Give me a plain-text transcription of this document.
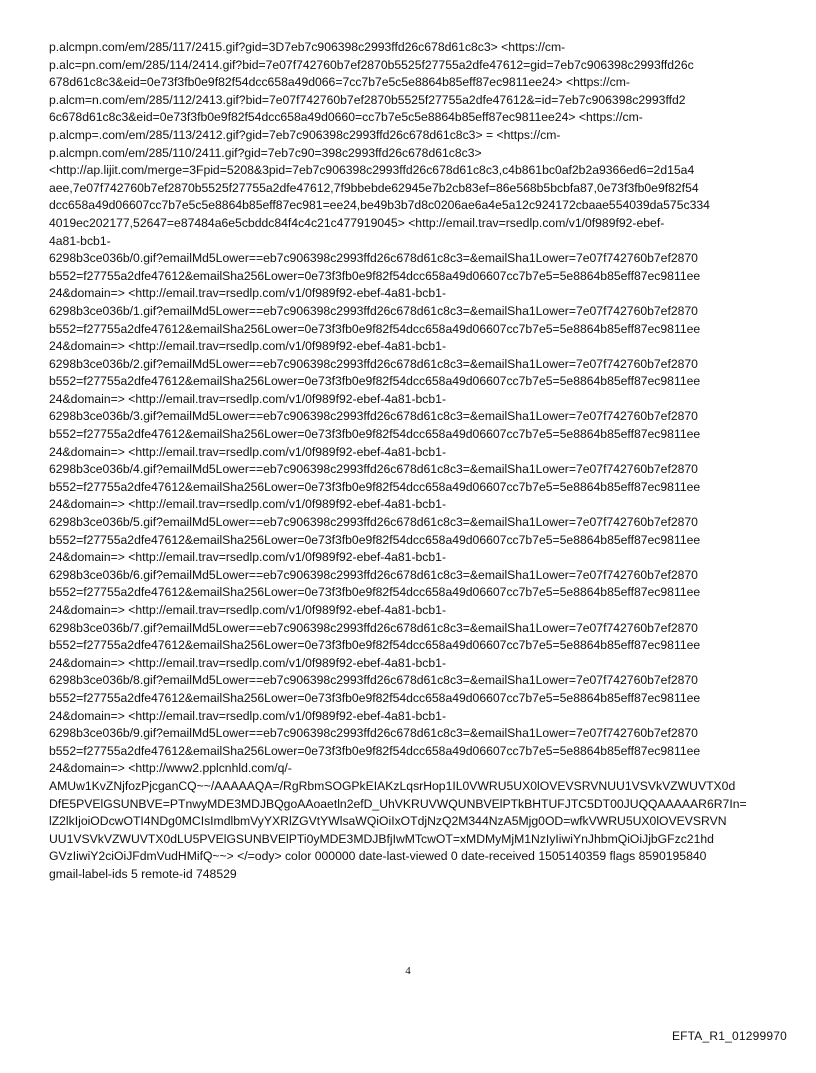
p.alcmpn.com/em/285/117/2415.gif?gid=3D7eb7c906398c2993ffd26c678d61c8c3> <https://cm-
p.alc=pn.com/em/285/114/2414.gif?bid=7e07f742760b7ef2870b5525f27755a2dfe47612=gid=7eb7c906398c2993ffd26c
678d61c8c3&eid=0e73f3fb0e9f82f54dcc658a49d066=7cc7b7e5c5e8864b85eff87ec9811ee24> <https://cm-
p.alcm=n.com/em/285/112/2413.gif?bid=7e07f742760b7ef2870b5525f27755a2dfe47612&=id=7eb7c906398c2993ffd2
6c678d61c8c3&eid=0e73f3fb0e9f82f54dcc658a49d0660=cc7b7e5c5e8864b85eff87ec9811ee24> <https://cm-
p.alcmp=.com/em/285/113/2412.gif?gid=7eb7c906398c2993ffd26c678d61c8c3> = <https://cm-
p.alcmpn.com/em/285/110/2411.gif?gid=7eb7c90=398c2993ffd26c678d61c8c3>
<http://ap.lijit.com/merge=3Fpid=5208&3pid=7eb7c906398c2993ffd26c678d61c8c3,c4b861bc0af2b2a9366ed6=2d15a4
aee,7e07f742760b7ef2870b5525f27755a2dfe47612,7f9bbebde62945e7b2cb83ef=86e568b5bcbfa87,0e73f3fb0e9f82f54
dcc658a49d06607cc7b7e5c5e8864b85eff87ec981=ee24,be49b3b7d8c0206ae6a4e5a12c924172cbaae554039da575c334
4019ec202177,52647=e87484a6e5cbddc84f4c4c21c477919045> <http://email.trav=rsedlp.com/v1/0f989f92-ebef-
4a81-bcb1-
6298b3ce036b/0.gif?emailMd5Lower==eb7c906398c2993ffd26c678d61c8c3=&emailSha1Lower=7e07f742760b7ef2870
b552=f27755a2dfe47612&emailSha256Lower=0e73f3fb0e9f82f54dcc658a49d06607cc7b7e5=5e8864b85eff87ec9811ee
24&domain=> <http://email.trav=rsedlp.com/v1/0f989f92-ebef-4a81-bcb1-
6298b3ce036b/1.gif?emailMd5Lower==eb7c906398c2993ffd26c678d61c8c3=&emailSha1Lower=7e07f742760b7ef2870
b552=f27755a2dfe47612&emailSha256Lower=0e73f3fb0e9f82f54dcc658a49d06607cc7b7e5=5e8864b85eff87ec9811ee
24&domain=> <http://email.trav=rsedlp.com/v1/0f989f92-ebef-4a81-bcb1-
6298b3ce036b/2.gif?emailMd5Lower==eb7c906398c2993ffd26c678d61c8c3=&emailSha1Lower=7e07f742760b7ef2870
b552=f27755a2dfe47612&emailSha256Lower=0e73f3fb0e9f82f54dcc658a49d06607cc7b7e5=5e8864b85eff87ec9811ee
24&domain=> <http://email.trav=rsedlp.com/v1/0f989f92-ebef-4a81-bcb1-
6298b3ce036b/3.gif?emailMd5Lower==eb7c906398c2993ffd26c678d61c8c3=&emailSha1Lower=7e07f742760b7ef2870
b552=f27755a2dfe47612&emailSha256Lower=0e73f3fb0e9f82f54dcc658a49d06607cc7b7e5=5e8864b85eff87ec9811ee
24&domain=> <http://email.trav=rsedlp.com/v1/0f989f92-ebef-4a81-bcb1-
6298b3ce036b/4.gif?emailMd5Lower==eb7c906398c2993ffd26c678d61c8c3=&emailSha1Lower=7e07f742760b7ef2870
b552=f27755a2dfe47612&emailSha256Lower=0e73f3fb0e9f82f54dcc658a49d06607cc7b7e5=5e8864b85eff87ec9811ee
24&domain=> <http://email.trav=rsedlp.com/v1/0f989f92-ebef-4a81-bcb1-
6298b3ce036b/5.gif?emailMd5Lower==eb7c906398c2993ffd26c678d61c8c3=&emailSha1Lower=7e07f742760b7ef2870
b552=f27755a2dfe47612&emailSha256Lower=0e73f3fb0e9f82f54dcc658a49d06607cc7b7e5=5e8864b85eff87ec9811ee
24&domain=> <http://email.trav=rsedlp.com/v1/0f989f92-ebef-4a81-bcb1-
6298b3ce036b/6.gif?emailMd5Lower==eb7c906398c2993ffd26c678d61c8c3=&emailSha1Lower=7e07f742760b7ef2870
b552=f27755a2dfe47612&emailSha256Lower=0e73f3fb0e9f82f54dcc658a49d06607cc7b7e5=5e8864b85eff87ec9811ee
24&domain=> <http://email.trav=rsedlp.com/v1/0f989f92-ebef-4a81-bcb1-
6298b3ce036b/7.gif?emailMd5Lower==eb7c906398c2993ffd26c678d61c8c3=&emailSha1Lower=7e07f742760b7ef2870
b552=f27755a2dfe47612&emailSha256Lower=0e73f3fb0e9f82f54dcc658a49d06607cc7b7e5=5e8864b85eff87ec9811ee
24&domain=> <http://email.trav=rsedlp.com/v1/0f989f92-ebef-4a81-bcb1-
6298b3ce036b/8.gif?emailMd5Lower==eb7c906398c2993ffd26c678d61c8c3=&emailSha1Lower=7e07f742760b7ef2870
b552=f27755a2dfe47612&emailSha256Lower=0e73f3fb0e9f82f54dcc658a49d06607cc7b7e5=5e8864b85eff87ec9811ee
24&domain=> <http://email.trav=rsedlp.com/v1/0f989f92-ebef-4a81-bcb1-
6298b3ce036b/9.gif?emailMd5Lower==eb7c906398c2993ffd26c678d61c8c3=&emailSha1Lower=7e07f742760b7ef2870
b552=f27755a2dfe47612&emailSha256Lower=0e73f3fb0e9f82f54dcc658a49d06607cc7b7e5=5e8864b85eff87ec9811ee
24&domain=> <http://www2.pplcnhld.com/q/-
AMUw1KvZNjfozPjcganCQ~~/AAAAAQA=/RgRbmSOGPkEIAKzLqsrHop1IL0VWRU5UX0lOVEVSRVNUU1VSVkVZWUVTX0d
DfE5PVElGSUNBVE=PTnwyMDE3MDJBQgoAAoaetln2efD_UhVKRUVWQUNBVElPTkBHTUFJTC5DT00JUQQAAAAAR6R7In=
lZ2lkIjoiODcwOTI4NDg0MCIsImdlbmVyYXRlZGVtYWlsaWQiOiIxOTdjNzQ2M344NzA5Mjg0OD=wfkVWRU5UX0lOVEVSRVN
UU1VSVkVZWUVTX0dLU5PVElGSUNBVElPTi0yMDE3MDJBfjIwMTcwOT=xMDMyMjM1NzIyIiwiYnJhbmQiOiJjbGFzc21hd
GVzIiwiY2ciOiJFdmVudHMifQ~~> </=ody> color 000000 date-last-viewed 0 date-received 1505140359 flags 8590195840
gmail-label-ids 5 remote-id 748529
4
EFTA_R1_01299970
